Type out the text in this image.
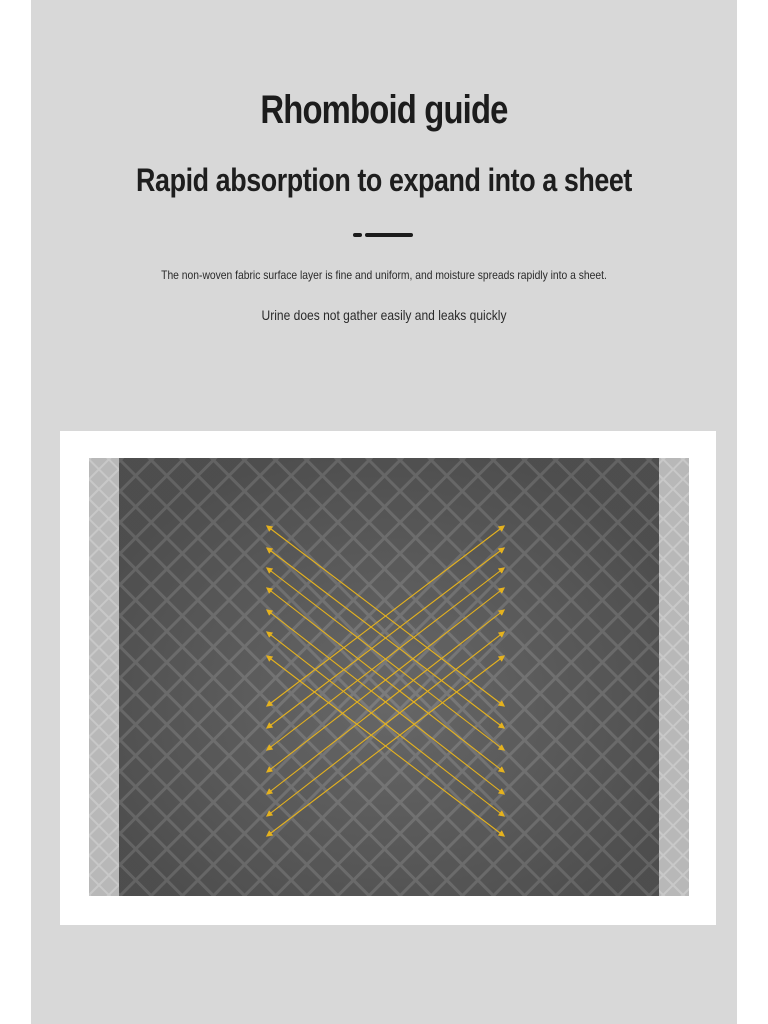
Rhomboid guide
Rapid absorption to expand into a sheet
The non-woven fabric surface layer is fine and uniform, and moisture spreads rapidly into a sheet.
Urine does not gather easily and leaks quickly
